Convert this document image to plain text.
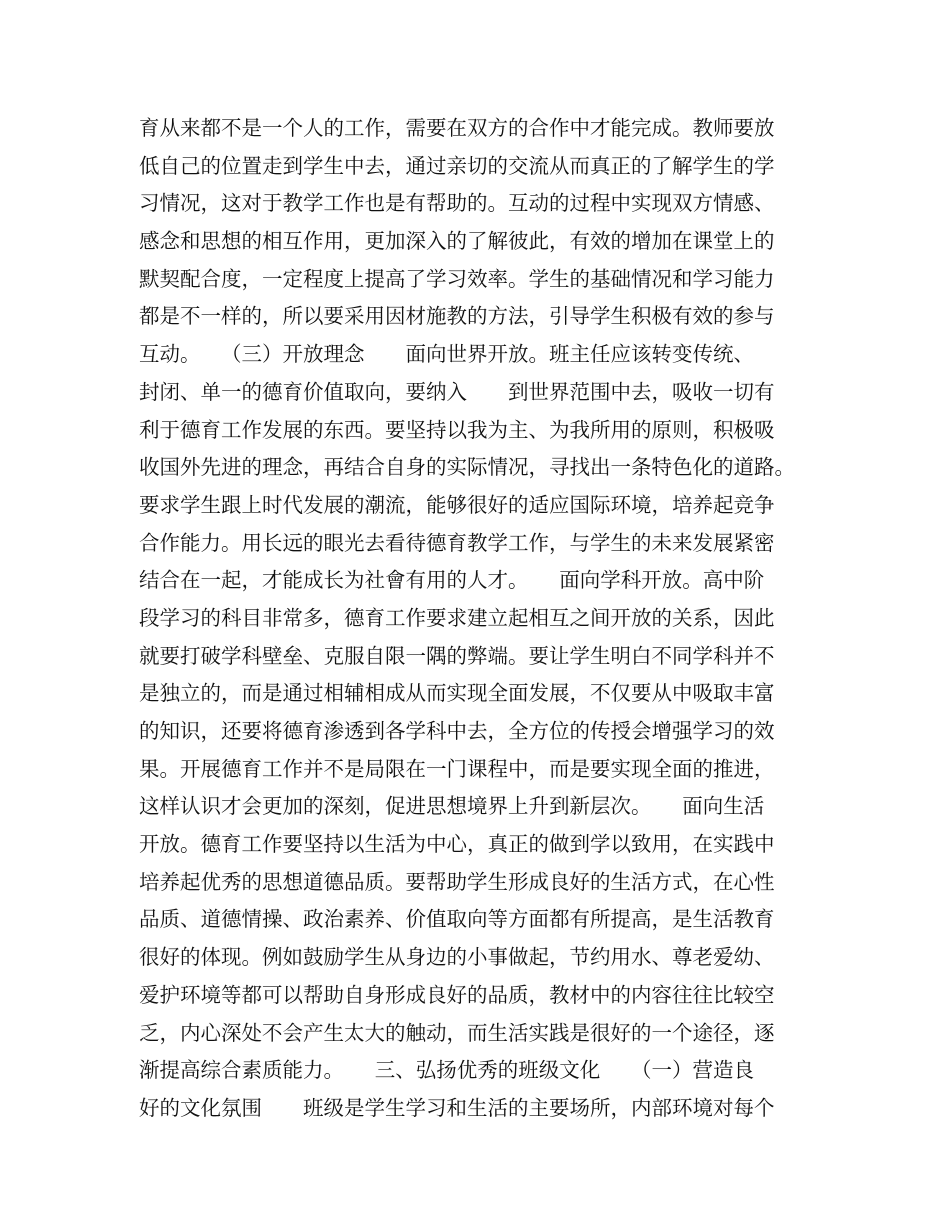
育从来都不是一个人的工作，需要在双方的合作中才能完成。教师要放
低自己的位置走到学生中去，通过亲切的交流从而真正的了解学生的学
习情况，这对于教学工作也是有帮助的。互动的过程中实现双方情感、
感念和思想的相互作用，更加深入的了解彼此，有效的增加在课堂上的
默契配合度，一定程度上提高了学习效率。学生的基础情况和学习能力
都是不一样的，所以要采用因材施教的方法，引导学生积极有效的参与
互动。　　（三）开放理念　　面向世界开放。班主任应该转变传统、
封闭、单一的德育价值取向，要纳入　　到世界范围中去，吸收一切有
利于德育工作发展的东西。要坚持以我为主、为我所用的原则，积极吸
收国外先进的理念，再结合自身的实际情况，寻找出一条特色化的道路。
要求学生跟上时代发展的潮流，能够很好的适应国际环境，培养起竞争
合作能力。用长远的眼光去看待德育教学工作，与学生的未来发展紧密
结合在一起，才能成长为社會有用的人才。　　面向学科开放。高中阶
段学习的科目非常多，德育工作要求建立起相互之间开放的关系，因此
就要打破学科壁垒、克服自限一隅的弊端。要让学生明白不同学科并不
是独立的，而是通过相辅相成从而实现全面发展，不仅要从中吸取丰富
的知识，还要将德育渗透到各学科中去，全方位的传授会增强学习的效
果。开展德育工作并不是局限在一门课程中，而是要实现全面的推进，
这样认识才会更加的深刻，促进思想境界上升到新层次。　　面向生活
开放。德育工作要坚持以生活为中心，真正的做到学以致用，在实践中
培养起优秀的思想道德品质。要帮助学生形成良好的生活方式，在心性
品质、道德情操、政治素养、价值取向等方面都有所提高，是生活教育
很好的体现。例如鼓励学生从身边的小事做起，节约用水、尊老爱幼、
爱护环境等都可以帮助自身形成良好的品质，教材中的内容往往比较空
乏，内心深处不会产生太大的触动，而生活实践是很好的一个途径，逐
渐提高综合素质能力。　　三、弘扬优秀的班级文化　　（一）营造良
好的文化氛围　　班级是学生学习和生活的主要场所，内部环境对每个
